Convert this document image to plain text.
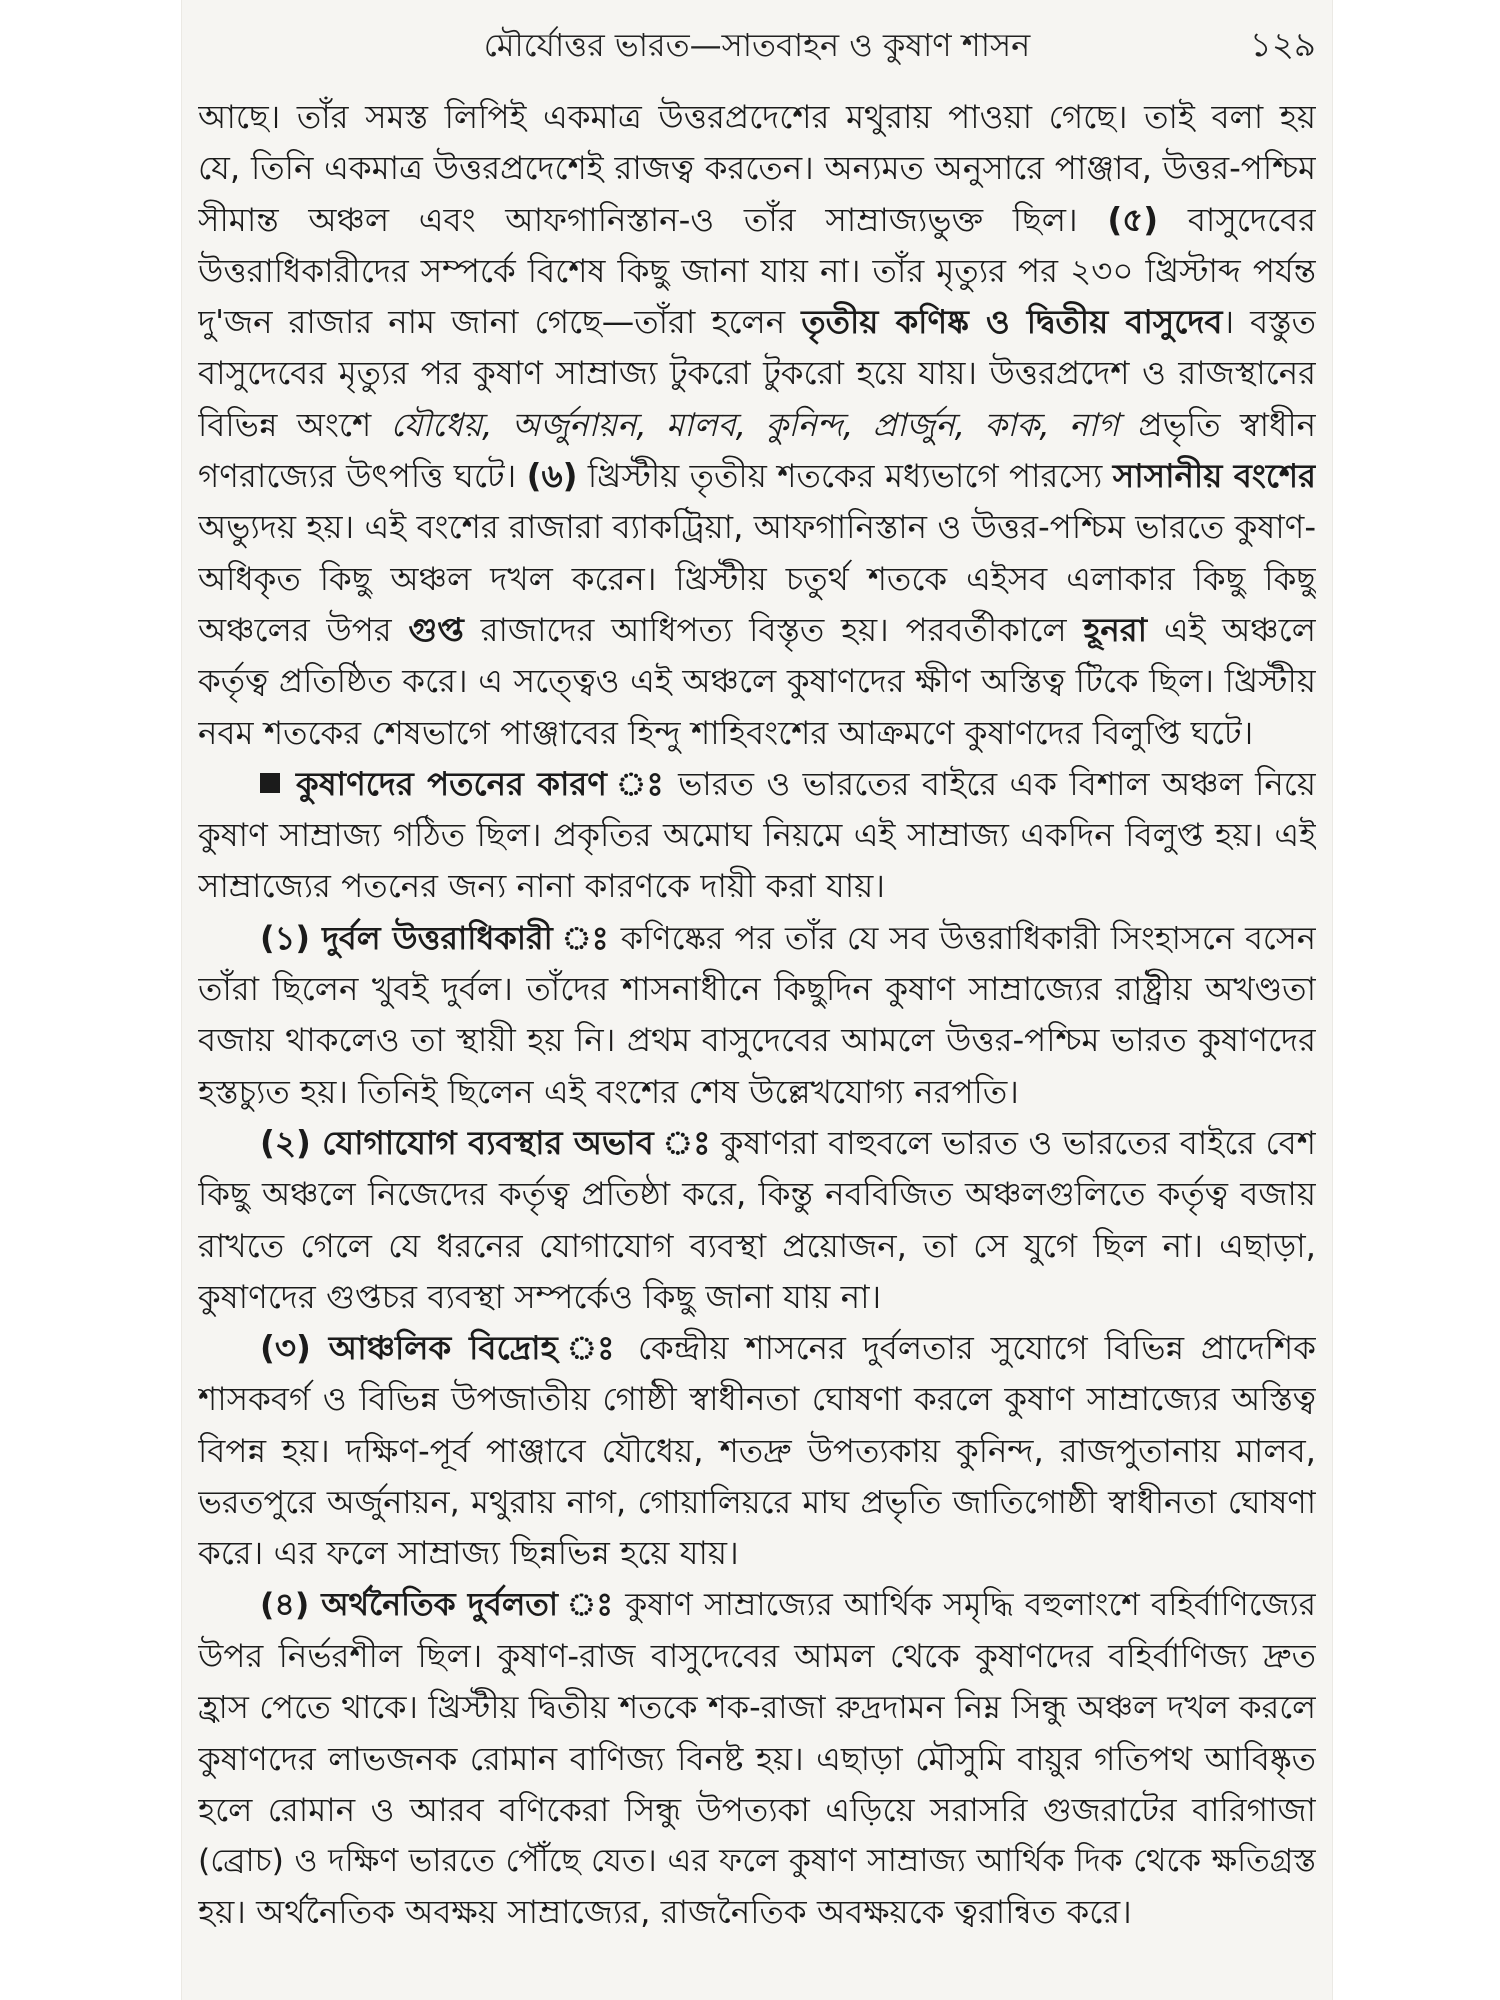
মৌর্যোত্তর ভারত—সাতবাহন ও কুষাণ শাসন	১২৯
আছে। তাঁর সমস্ত লিপিই একমাত্র উত্তরপ্রদেশের মথুরায় পাওয়া গেছে। তাই বলা হয়
যে, তিনি একমাত্র উত্তরপ্রদেশেই রাজত্ব করতেন। অন্যমত অনুসারে পাঞ্জাব, উত্তর-পশ্চিম
সীমান্ত অঞ্চল এবং আফগানিস্তান-ও তাঁর সাম্রাজ্যভুক্ত ছিল। (৫) বাসুদেবের
উত্তরাধিকারীদের সম্পর্কে বিশেষ কিছু জানা যায় না। তাঁর মৃত্যুর পর ২৩০ খ্রিস্টাব্দ পর্যন্ত
দু'জন রাজার নাম জানা গেছে—তাঁরা হলেন তৃতীয় কণিষ্ক ও দ্বিতীয় বাসুদেব। বস্তুত
বাসুদেবের মৃত্যুর পর কুষাণ সাম্রাজ্য টুকরো টুকরো হয়ে যায়। উত্তরপ্রদেশ ও রাজস্থানের
বিভিন্ন অংশে যৌধেয়, অর্জুনায়ন, মালব, কুনিন্দ, প্রার্জুন, কাক, নাগ প্রভৃতি স্বাধীন
গণরাজ্যের উৎপত্তি ঘটে। (৬) খ্রিস্টীয় তৃতীয় শতকের মধ্যভাগে পারস্যে সাসানীয় বংশের
অভ্যুদয় হয়। এই বংশের রাজারা ব্যাকট্রিয়া, আফগানিস্তান ও উত্তর-পশ্চিম ভারতে কুষাণ-
অধিকৃত কিছু অঞ্চল দখল করেন। খ্রিস্টীয় চতুর্থ শতকে এইসব এলাকার কিছু কিছু
অঞ্চলের উপর গুপ্ত রাজাদের আধিপত্য বিস্তৃত হয়। পরবর্তীকালে হূনরা এই অঞ্চলে
কর্তৃত্ব প্রতিষ্ঠিত করে। এ সত্ত্বেও এই অঞ্চলে কুষাণদের ক্ষীণ অস্তিত্ব টিকে ছিল। খ্রিস্টীয়
নবম শতকের শেষভাগে পাঞ্জাবের হিন্দু শাহিবংশের আক্রমণে কুষাণদের বিলুপ্তি ঘটে।
কুষাণদের পতনের কারণ ঃ ভারত ও ভারতের বাইরে এক বিশাল অঞ্চল নিয়ে
কুষাণ সাম্রাজ্য গঠিত ছিল। প্রকৃতির অমোঘ নিয়মে এই সাম্রাজ্য একদিন বিলুপ্ত হয়। এই
সাম্রাজ্যের পতনের জন্য নানা কারণকে দায়ী করা যায়।
(১) দুর্বল উত্তরাধিকারী ঃ কণিষ্কের পর তাঁর যে সব উত্তরাধিকারী সিংহাসনে বসেন
তাঁরা ছিলেন খুবই দুর্বল। তাঁদের শাসনাধীনে কিছুদিন কুষাণ সাম্রাজ্যের রাষ্ট্রীয় অখণ্ডতা
বজায় থাকলেও তা স্থায়ী হয় নি। প্রথম বাসুদেবের আমলে উত্তর-পশ্চিম ভারত কুষাণদের
হস্তচ্যুত হয়। তিনিই ছিলেন এই বংশের শেষ উল্লেখযোগ্য নরপতি।
(২) যোগাযোগ ব্যবস্থার অভাব ঃ কুষাণরা বাহুবলে ভারত ও ভারতের বাইরে বেশ
কিছু অঞ্চলে নিজেদের কর্তৃত্ব প্রতিষ্ঠা করে, কিন্তু নববিজিত অঞ্চলগুলিতে কর্তৃত্ব বজায়
রাখতে গেলে যে ধরনের যোগাযোগ ব্যবস্থা প্রয়োজন, তা সে যুগে ছিল না। এছাড়া,
কুষাণদের গুপ্তচর ব্যবস্থা সম্পর্কেও কিছু জানা যায় না।
(৩) আঞ্চলিক বিদ্রোহ ঃ কেন্দ্রীয় শাসনের দুর্বলতার সুযোগে বিভিন্ন প্রাদেশিক
শাসকবর্গ ও বিভিন্ন উপজাতীয় গোষ্ঠী স্বাধীনতা ঘোষণা করলে কুষাণ সাম্রাজ্যের অস্তিত্ব
বিপন্ন হয়। দক্ষিণ-পূর্ব পাঞ্জাবে যৌধেয়, শতদ্রু উপত্যকায় কুনিন্দ, রাজপুতানায় মালব,
ভরতপুরে অর্জুনায়ন, মথুরায় নাগ, গোয়ালিয়রে মাঘ প্রভৃতি জাতিগোষ্ঠী স্বাধীনতা ঘোষণা
করে। এর ফলে সাম্রাজ্য ছিন্নভিন্ন হয়ে যায়।
(৪) অর্থনৈতিক দুর্বলতা ঃ কুষাণ সাম্রাজ্যের আর্থিক সমৃদ্ধি বহুলাংশে বহির্বাণিজ্যের
উপর নির্ভরশীল ছিল। কুষাণ-রাজ বাসুদেবের আমল থেকে কুষাণদের বহির্বাণিজ্য দ্রুত
হ্রাস পেতে থাকে। খ্রিস্টীয় দ্বিতীয় শতকে শক-রাজা রুদ্রদামন নিম্ন সিন্ধু অঞ্চল দখল করলে
কুষাণদের লাভজনক রোমান বাণিজ্য বিনষ্ট হয়। এছাড়া মৌসুমি বায়ুর গতিপথ আবিষ্কৃত
হলে রোমান ও আরব বণিকেরা সিন্ধু উপত্যকা এড়িয়ে সরাসরি গুজরাটের বারিগাজা
(ব্রোচ) ও দক্ষিণ ভারতে পৌঁছে যেত। এর ফলে কুষাণ সাম্রাজ্য আর্থিক দিক থেকে ক্ষতিগ্রস্ত
হয়। অর্থনৈতিক অবক্ষয় সাম্রাজ্যের, রাজনৈতিক অবক্ষয়কে ত্বরান্বিত করে।
